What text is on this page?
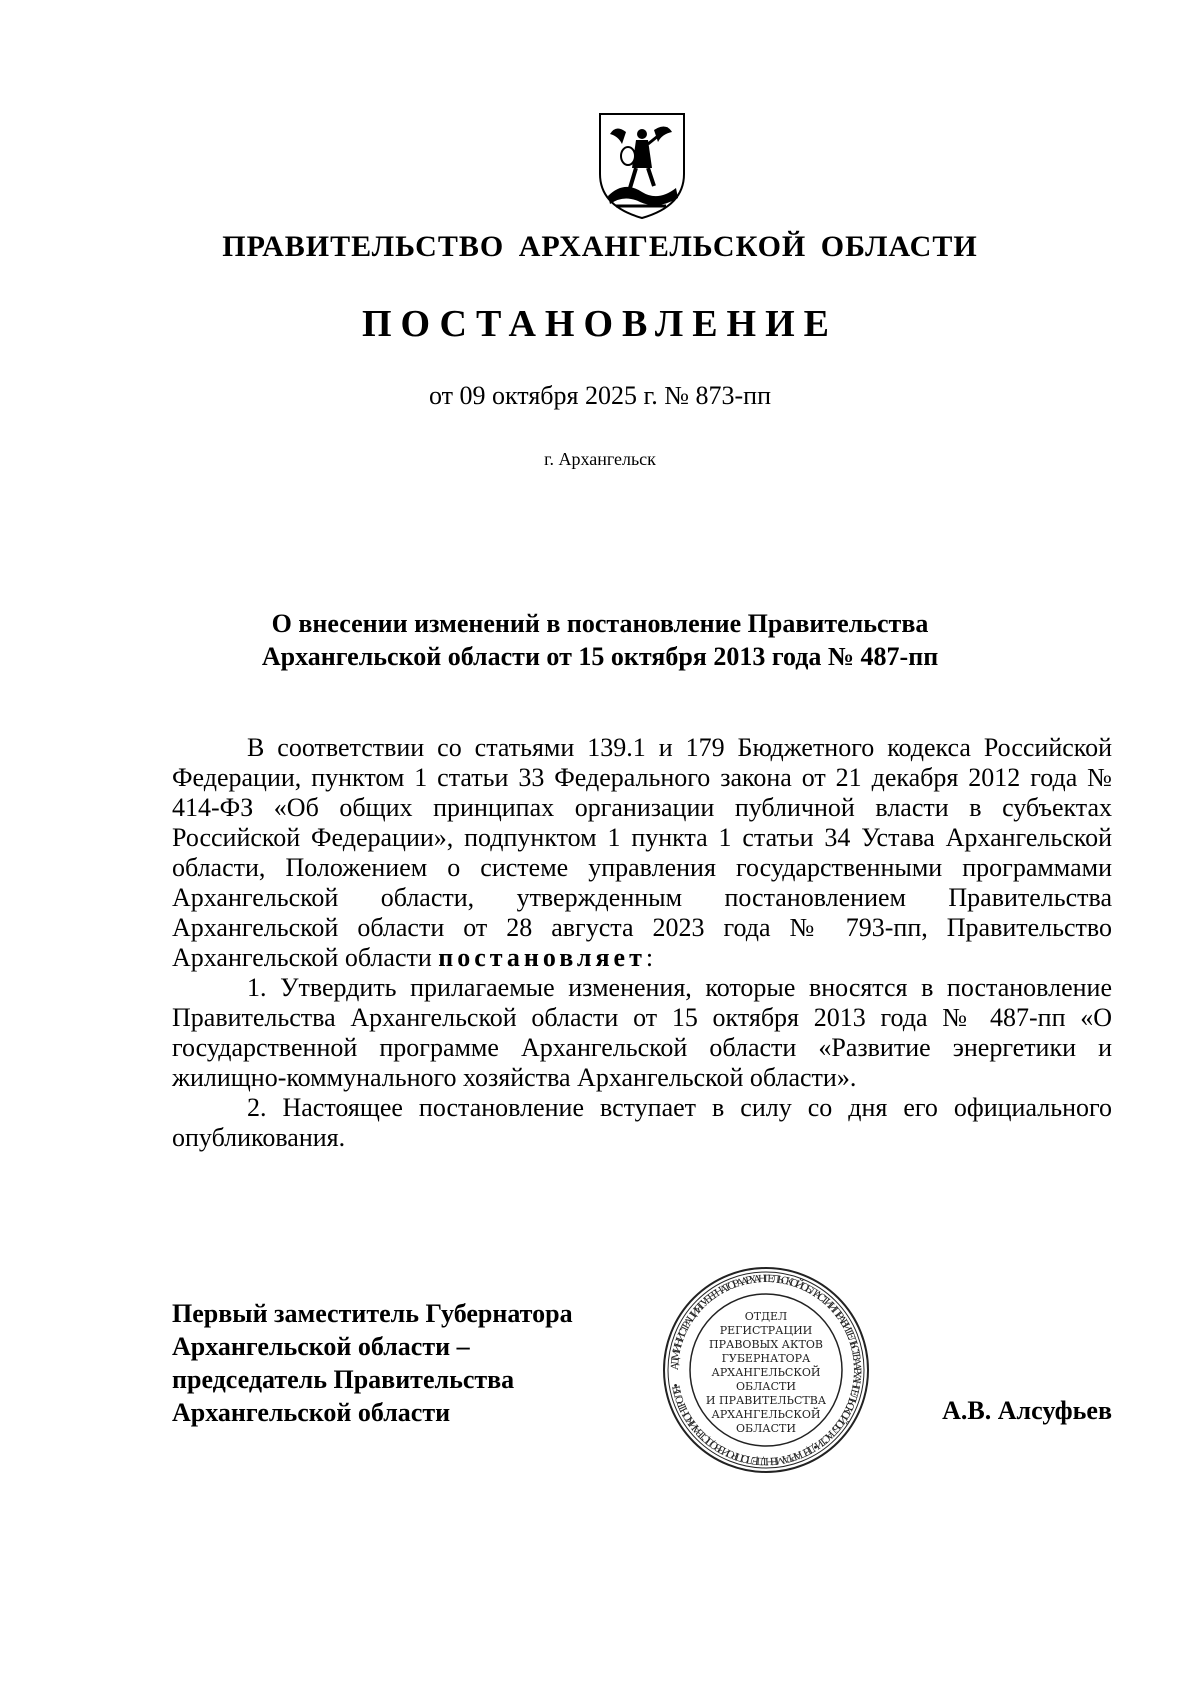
ПРАВИТЕЛЬСТВО АРХАНГЕЛЬСКОЙ ОБЛАСТИ
ПОСТАНОВЛЕНИЕ
от 09 октября 2025 г. № 873-пп
г. Архангельск
О внесении изменений в постановление Правительства
Архангельской области от 15 октября 2013 года № 487-пп

В соответствии со статьями 139.1 и 179 Бюджетного кодекса Российской Федерации, пунктом 1 статьи 33 Федерального закона от 21 декабря 2012 года № 414-ФЗ «Об общих принципах организации публичной власти в субъектах Российской Федерации», подпунктом 1 пункта 1 статьи 34 Устава Архангельской области, Положением о системе управления государственными программами Архангельской области, утвержденным постановлением Правительства Архангельской области от 28 августа 2023 года № 793-пп, Правительство Архангельской области постановляет:

1. Утвердить прилагаемые изменения, которые вносятся в постановление Правительства Архангельской области от 15 октября 2013 года № 487-пп «О государственной программе Архангельской области «Развитие энергетики и жилищно-коммунального хозяйства Архангельской области».

2. Настоящее постановление вступает в силу со дня его официального опубликования.

Первый заместитель Губернатора
Архангельской области –
председатель Правительства
Архангельской области
АДМИНИСТРАЦИЯ ГУБЕРНАТОРА АРХАНГЕЛЬСКОЙ ОБЛАСТИ И ПРАВИТЕЛЬСТВА АРХАНГЕЛЬСКОЙ ОБЛАСТИ • ДЕПАРТАМЕНТ ДЕЛОПРОИЗВОДСТВА И КОНТРОЛЯ •
ОТДЕЛ
РЕГИСТРАЦИИ
ПРАВОВЫХ АКТОВ
ГУБЕРНАТОРА
АРХАНГЕЛЬСКОЙ
ОБЛАСТИ
И ПРАВИТЕЛЬСТВА
АРХАНГЕЛЬСКОЙ
ОБЛАСТИ
А.В. Алсуфьев
